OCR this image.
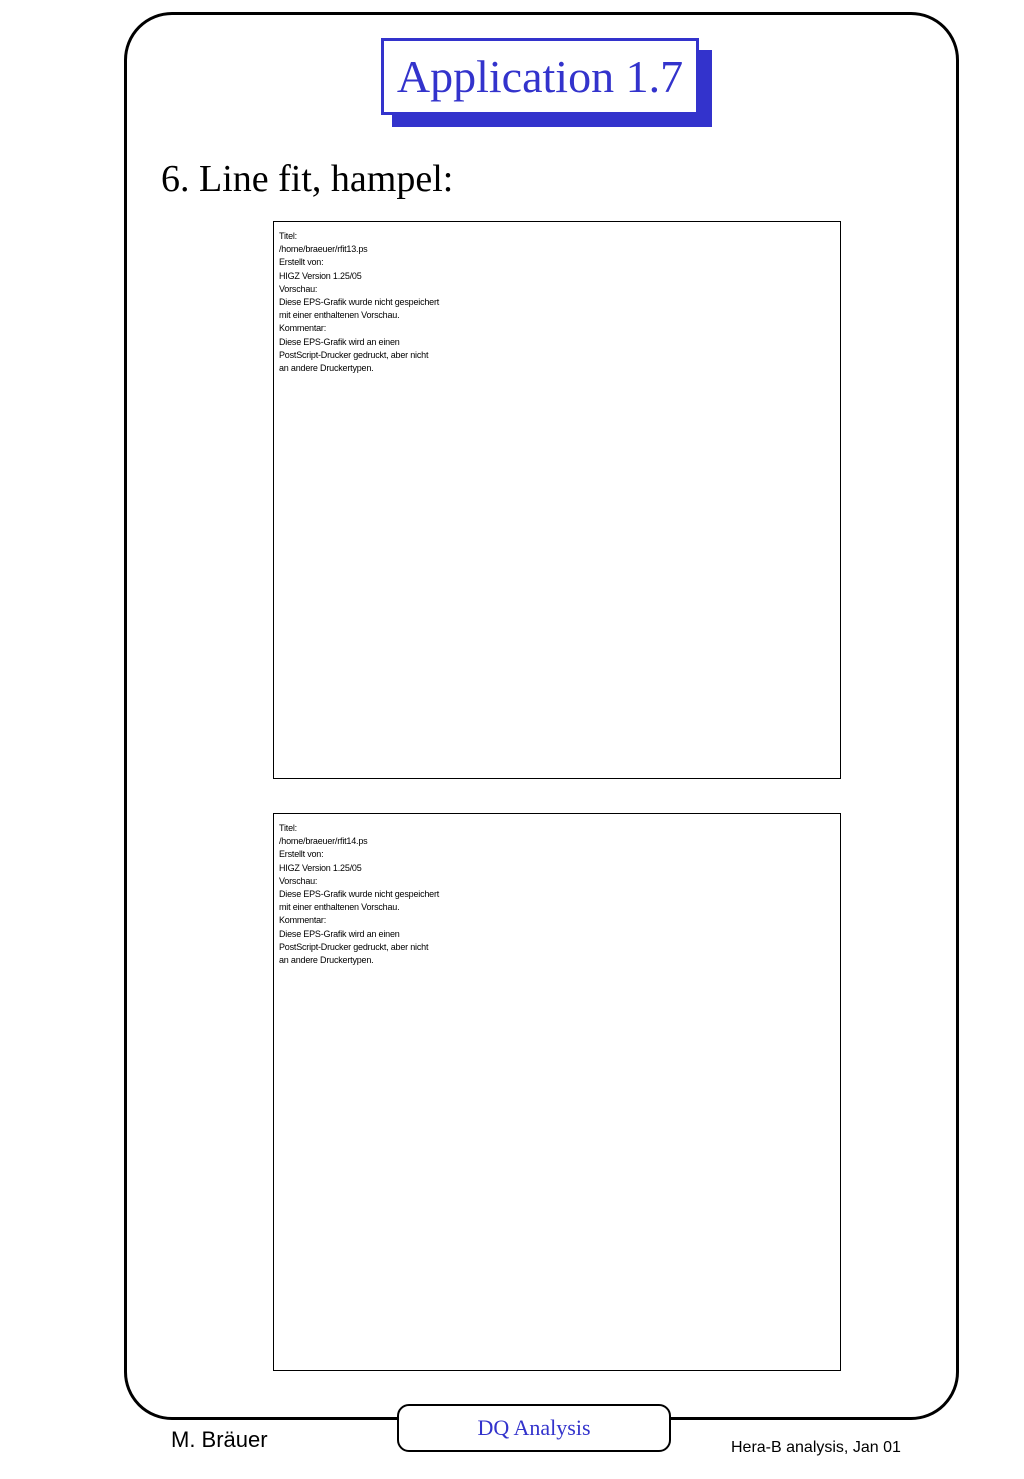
Application 1.7
6. Line fit, hampel:
Titel:
/home/braeuer/rfit13.ps
Erstellt von:
HIGZ Version 1.25/05
Vorschau:
Diese EPS-Grafik wurde nicht gespeichert
mit einer enthaltenen Vorschau.
Kommentar:
Diese EPS-Grafik wird an einen
PostScript-Drucker gedruckt, aber nicht
an andere Druckertypen.
Titel:
/home/braeuer/rfit14.ps
Erstellt von:
HIGZ Version 1.25/05
Vorschau:
Diese EPS-Grafik wurde nicht gespeichert
mit einer enthaltenen Vorschau.
Kommentar:
Diese EPS-Grafik wird an einen
PostScript-Drucker gedruckt, aber nicht
an andere Druckertypen.
M. Bräuer	DQ Analysis
Hera-B analysis, Jan 01
